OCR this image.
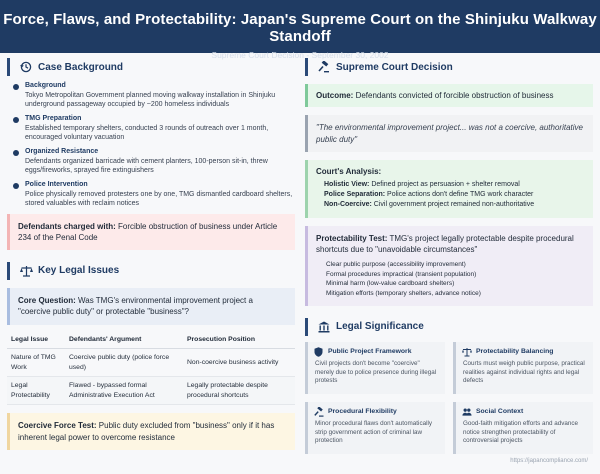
Force, Flaws, and Protectability: Japan's Supreme Court on the Shinjuku Walkway Standoff
Supreme Court Decision - September 30, 2002
Case Background
Background
Tokyo Metropolitan Government planned moving walkway installation in Shinjuku underground passageway occupied by ~200 homeless individuals
TMG Preparation
Established temporary shelters, conducted 3 rounds of outreach over 1 month, encouraged voluntary vacuation
Organized Resistance
Defendants organized barricade with cement planters, 100-person sit-in, threw eggs/fireworks, sprayed fire extinguishers
Police Intervention
Police physically removed protesters one by one, TMG dismantled cardboard shelters, stored valuables with reclaim notices
Defendants charged with: Forcible obstruction of business under Article 234 of the Penal Code
Key Legal Issues
Core Question: Was TMG's environmental improvement project a "coercive public duty" or protectable "business"?
Legal Issue	Defendants' Argument	Prosecution Position
Nature of TMG Work	Coercive public duty (police force used)	Non-coercive business activity
Legal Protectability	Flawed - bypassed formal Administrative Execution Act	Legally protectable despite procedural shortcuts
Coercive Force Test: Public duty excluded from "business" only if it has inherent legal power to overcome resistance
Supreme Court Decision
Outcome: Defendants convicted of forcible obstruction of business
"The environmental improvement project... was not a coercive, authoritative public duty"
Court's Analysis:
Holistic View: Defined project as persuasion + shelter removal
Police Separation: Police actions don't define TMG work character
Non-Coercive: Civil government project remained non-authoritative
Protectability Test: TMG's project legally protectable despite procedural shortcuts due to "unavoidable circumstances"
Clear public purpose (accessibility improvement)
Formal procedures impractical (transient population)
Minimal harm (low-value cardboard shelters)
Mitigation efforts (temporary shelters, advance notice)
Legal Significance
Public Project Framework
Civil projects don't become "coercive" merely due to police presence during illegal protests
Protectability Balancing
Courts must weigh public purpose, practical realities against individual rights and legal defects
Procedural Flexibility
Minor procedural flaws don't automatically strip government action of criminal law protection
Social Context
Good-faith mitigation efforts and advance notice strengthen protectability of controversial projects
https://japancompliance.com/
